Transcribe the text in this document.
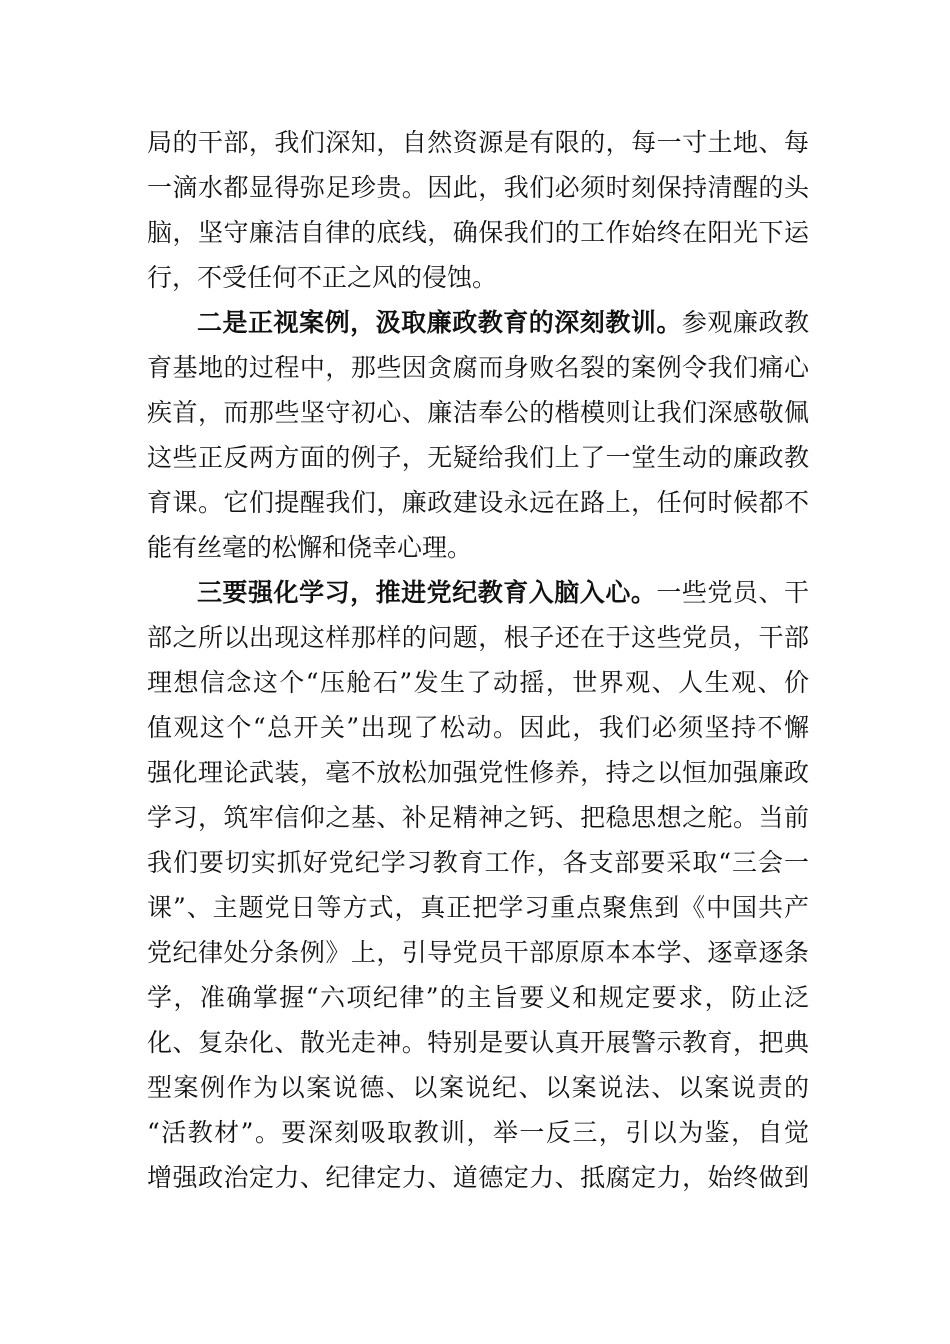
局的干部，我们深知，自然资源是有限的，每一寸土地、每
一滴水都显得弥足珍贵。因此，我们必须时刻保持清醒的头
脑，坚守廉洁自律的底线，确保我们的工作始终在阳光下运
行，不受任何不正之风的侵蚀。

二是正视案例，汲取廉政教育的深刻教训。参观廉政教
育基地的过程中，那些因贪腐而身败名裂的案例令我们痛心
疾首，而那些坚守初心、廉洁奉公的楷模则让我们深感敬佩
这些正反两方面的例子，无疑给我们上了一堂生动的廉政教
育课。它们提醒我们，廉政建设永远在路上，任何时候都不
能有丝毫的松懈和侥幸心理。

三要强化学习，推进党纪教育入脑入心。一些党员、干
部之所以出现这样那样的问题，根子还在于这些党员，干部
理想信念这个“压舱石”发生了动摇，世界观、人生观、价
值观这个“总开关”出现了松动。因此，我们必须坚持不懈
强化理论武装，毫不放松加强党性修养，持之以恒加强廉政
学习，筑牢信仰之基、补足精神之钙、把稳思想之舵。当前
我们要切实抓好党纪学习教育工作，各支部要采取“三会一
课”、主题党日等方式，真正把学习重点聚焦到《中国共产
党纪律处分条例》上，引导党员干部原原本本学、逐章逐条
学，准确掌握“六项纪律”的主旨要义和规定要求，防止泛
化、复杂化、散光走神。特别是要认真开展警示教育，把典
型案例作为以案说德、以案说纪、以案说法、以案说责的
“活教材”。要深刻吸取教训，举一反三，引以为鉴，自觉
增强政治定力、纪律定力、道德定力、抵腐定力，始终做到
